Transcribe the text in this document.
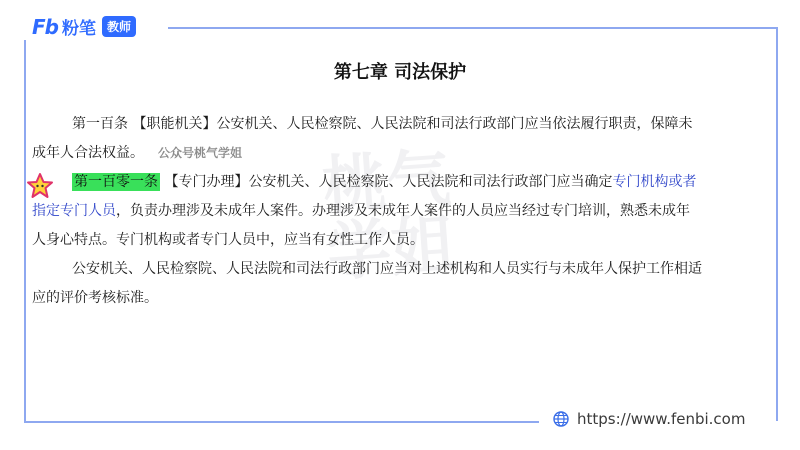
Fb 粉笔 教师
桃气学姐
第七章 司法保护
第一百条 【职能机关】公安机关、人民检察院、人民法院和司法行政部门应当依法履行职责，保障未
成年人合法权益。 公众号桃气学姐
第一百零一条 【专门办理】公安机关、人民检察院、人民法院和司法行政部门应当确定专门机构或者
指定专门人员，负责办理涉及未成年人案件。办理涉及未成年人案件的人员应当经过专门培训，熟悉未成年
人身心特点。专门机构或者专门人员中，应当有女性工作人员。
公安机关、人民检察院、人民法院和司法行政部门应当对上述机构和人员实行与未成年人保护工作相适
应的评价考核标准。
https://www.fenbi.com
